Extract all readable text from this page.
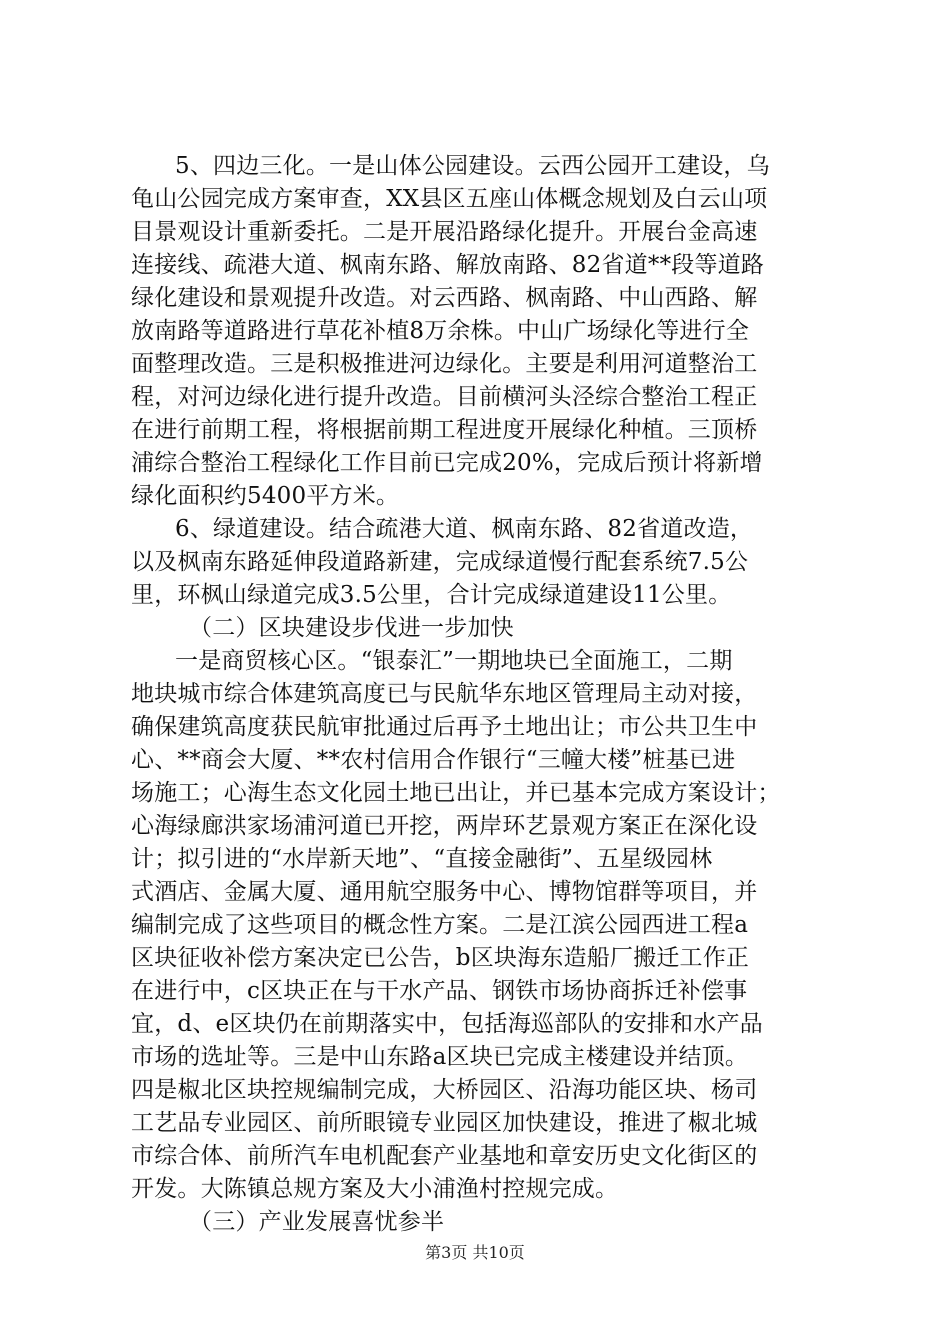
5、四边三化。一是山体公园建设。云西公园开工建设，乌
龟山公园完成方案审查，XX县区五座山体概念规划及白云山项
目景观设计重新委托。二是开展沿路绿化提升。开展台金高速
连接线、疏港大道、枫南东路、解放南路、82省道**段等道路
绿化建设和景观提升改造。对云西路、枫南路、中山西路、解
放南路等道路进行草花补植8万余株。中山广场绿化等进行全
面整理改造。三是积极推进河边绿化。主要是利用河道整治工
程，对河边绿化进行提升改造。目前横河头泾综合整治工程正
在进行前期工程，将根据前期工程进度开展绿化种植。三顶桥
浦综合整治工程绿化工作目前已完成20%，完成后预计将新增
绿化面积约5400平方米。
6、绿道建设。结合疏港大道、枫南东路、82省道改造，
以及枫南东路延伸段道路新建，完成绿道慢行配套系统7.5公
里，环枫山绿道完成3.5公里，合计完成绿道建设11公里。
（二）区块建设步伐进一步加快
一是商贸核心区。“银泰汇”一期地块已全面施工，二期
地块城市综合体建筑高度已与民航华东地区管理局主动对接，
确保建筑高度获民航审批通过后再予土地出让；市公共卫生中
心、**商会大厦、**农村信用合作银行“三幢大楼”桩基已进
场施工；心海生态文化园土地已出让，并已基本完成方案设计；
心海绿廊洪家场浦河道已开挖，两岸环艺景观方案正在深化设
计；拟引进的“水岸新天地”、“直接金融街”、五星级园林
式酒店、金属大厦、通用航空服务中心、博物馆群等项目，并
编制完成了这些项目的概念性方案。二是江滨公园西进工程a
区块征收补偿方案决定已公告，b区块海东造船厂搬迁工作正
在进行中，c区块正在与干水产品、钢铁市场协商拆迁补偿事
宜，d、e区块仍在前期落实中，包括海巡部队的安排和水产品
市场的选址等。三是中山东路a区块已完成主楼建设并结顶。
四是椒北区块控规编制完成，大桥园区、沿海功能区块、杨司
工艺品专业园区、前所眼镜专业园区加快建设，推进了椒北城
市综合体、前所汽车电机配套产业基地和章安历史文化街区的
开发。大陈镇总规方案及大小浦渔村控规完成。
（三）产业发展喜忧参半
第3页 共10页
